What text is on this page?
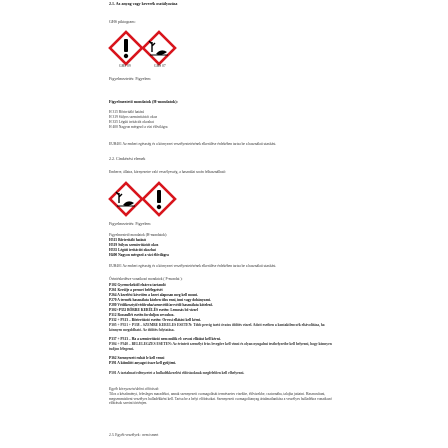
2.1. Az anyag vagy keverék osztályozása
GHS piktogram:
GHS 09	GHS 07
Figyelmeztetés: Figyelem
Figyelmeztető mondatok (H-mondatok):
H 315 Bőrirritáló hatású
H 319 Súlyos szemirritációt okoz
H 335 Légúti irritációt okozhat
H 400 Nagyon mérgező a vízi élővilágra
EUH401 Az emberi egészség és a környezet veszélyeztetésének elkerülése érdekében tartsa be a használati utasítást.
2.2. Címkézési elemek
Emberre, állatra, környezetre való veszélyesség, a használat során felhasználható
Figyelmeztetés: Figyelem
Figyelmeztető mondatok (H-mondatok):
H315 Bőrirritáló hatású
H319 Súlyos szemirritációt okoz
H335 Légúti irritációt okozhat
H400 Nagyon mérgező a vízi élővilágra
EUH401 Az emberi egészség és a környezet veszélyeztetésének elkerülése érdekében tartsa be a használati utasítást.
Óvintézkedésre vonatkozó mondatok ( P-mondat ):
P102 Gyermekektől elzárva tartandó
P261 Kerülje a permet belélegzését
P264 A kezelést követően a kezet alaposan meg kell mosni.
P270 A termék használata közben tilos enni, inni vagy dohányozni.
P280 Védőkesztyű/védőruha/szemvédő/arcvédő használata kötelező.
P302+P352 BŐRRE KERÜLÉS esetén: Lemosás bő vízzel
P312 Rosszullét esetén forduljon orvoshoz.
P332 + P313 – Bőrirritáció esetén: Orvosi ellátást kell kérni.
P305 + P351 + P338 – SZEMBE KERÜLÉS ESETÉN: Több percig tartó óvatos öblítés vízzel. Adott esetben a kontaktlencsék eltávolítása, ha könnyen megoldható. Az öblítés folytatása.
P337 + P313 – Ha a szemirritáció nem múlik el: orvosi ellátást kell kérni.
P304 + P340 – BELÉLEGZÉS ESETÉN: Az érintett személyt friss levegőre kell vinni és olyan nyugalmi testhelyzetbe kell helyezni, hogy könnyen tudjon lélegezni.
P362 Szennyezett ruhát le kell venni
P391 A kiömlött anyagot össze kell gyűjteni.
P501 A tartalmat/edényzetet a hulladékkezelési előírásoknak megfelelően kell elhelyezni.
Egyéb környezetvédelmi előírások:
Tilos a készítményt, felesleges maradékot, annak szennyezett csomagolását természetes vizekbe, élővizekbe, csatornába, talajba juttatni. Hasznosítani, megsemmisíteni veszélyes hulladékként kell. Tartsa be a helyi előírásokat. Szennyezett csomagolóanyag ártalmatlanítása a veszélyes hulladékra vonatkozó előírások szerint történjen.
2.3. Egyéb veszélyek : nem ismert
